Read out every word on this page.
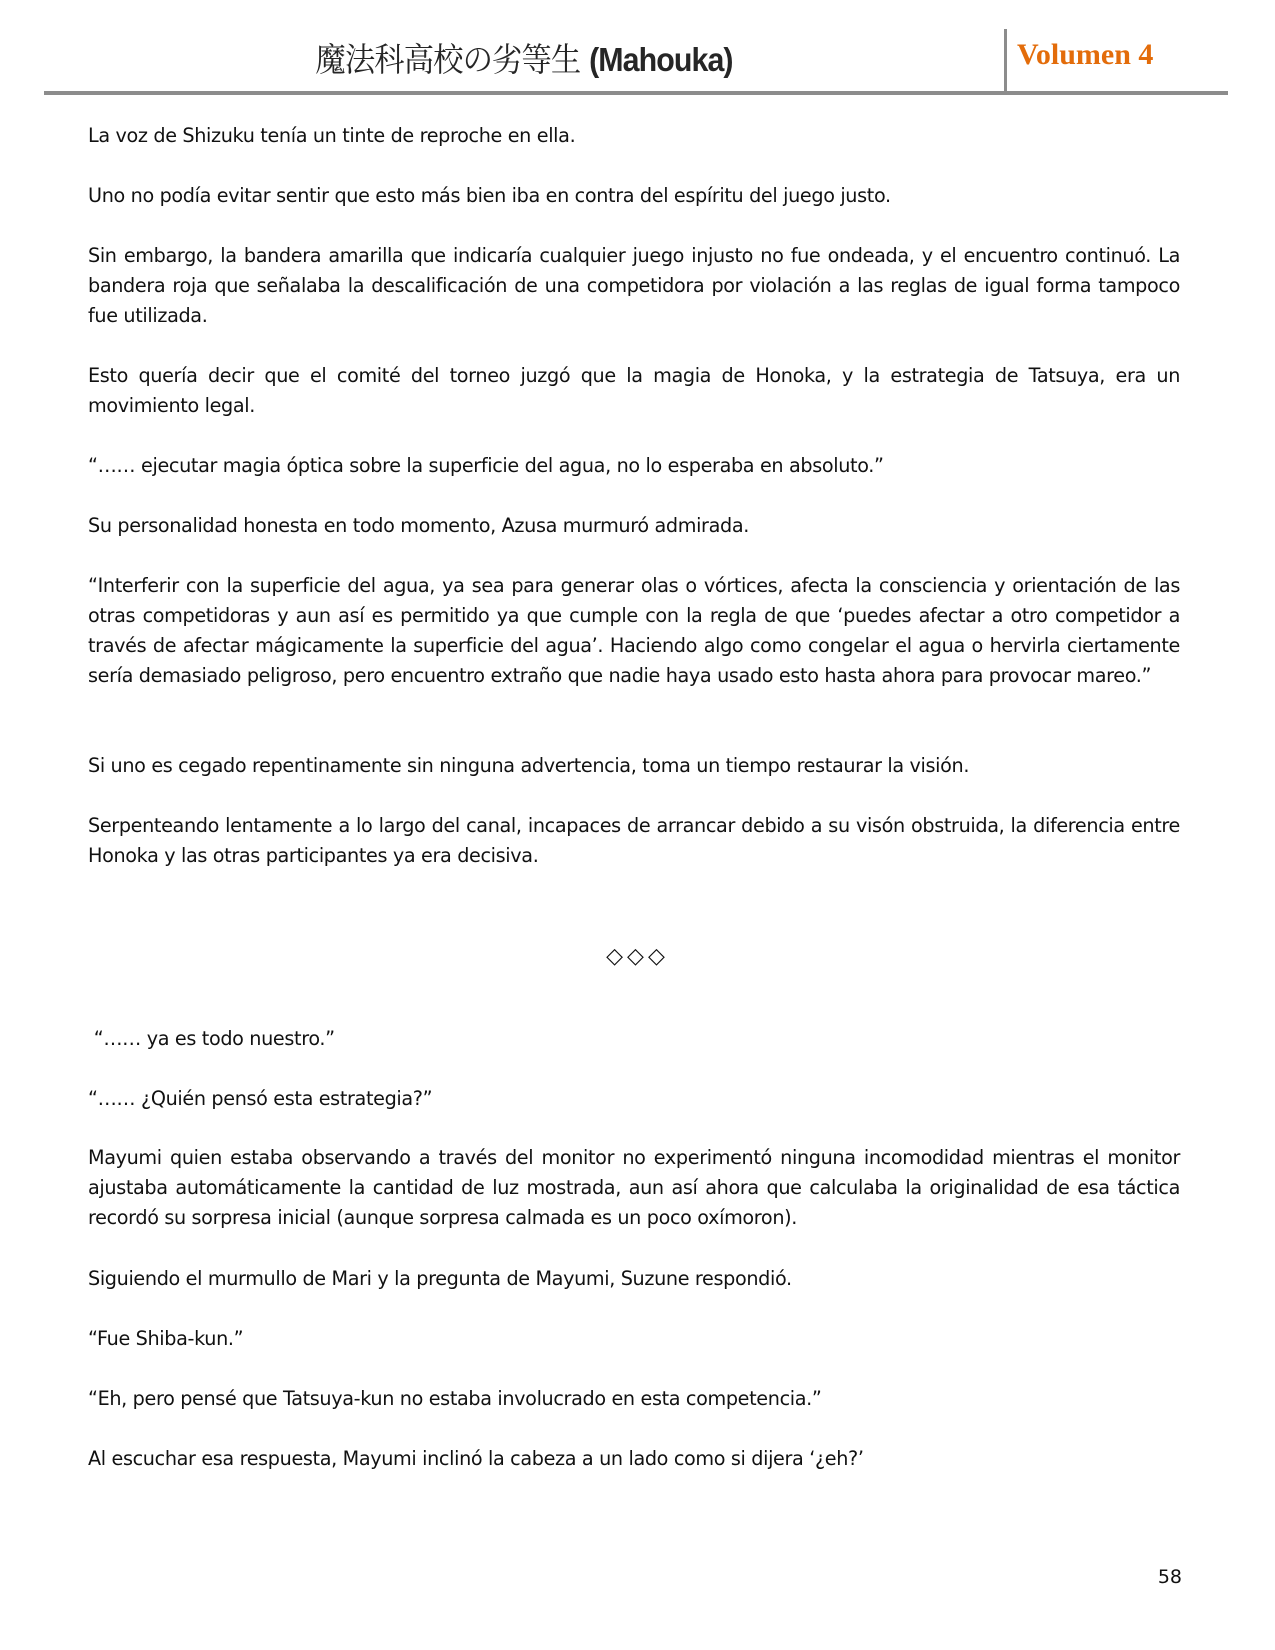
魔法科高校の劣等生 (Mahouka)	Volumen 4

La voz de Shizuku tenía un tinte de reproche en ella.

Uno no podía evitar sentir que esto más bien iba en contra del espíritu del juego justo.

Sin embargo, la bandera amarilla que indicaría cualquier juego injusto no fue ondeada, y el encuentro continuó. La bandera roja que señalaba la descalificación de una competidora por violación a las reglas de igual forma tampoco fue utilizada.

Esto quería decir que el comité del torneo juzgó que la magia de Honoka, y la estrategia de Tatsuya, era un movimiento legal.

“…… ejecutar magia óptica sobre la superficie del agua, no lo esperaba en absoluto.”

Su personalidad honesta en todo momento, Azusa murmuró admirada.

“Interferir con la superficie del agua, ya sea para generar olas o vórtices, afecta la consciencia y orientación de las otras competidoras y aun así es permitido ya que cumple con la regla de que ‘puedes afectar a otro competidor a través de afectar mágicamente la superficie del agua’. Haciendo algo como congelar el agua o hervirla ciertamente sería demasiado peligroso, pero encuentro extraño que nadie haya usado esto hasta ahora para provocar mareo.”

Si uno es cegado repentinamente sin ninguna advertencia, toma un tiempo restaurar la visión.

Serpenteando lentamente a lo largo del canal, incapaces de arrancar debido a su visón obstruida, la diferencia entre Honoka y las otras participantes ya era decisiva.

◇◇◇

“…… ya es todo nuestro.”

“…… ¿Quién pensó esta estrategia?”

Mayumi quien estaba observando a través del monitor no experimentó ninguna incomodidad mientras el monitor ajustaba automáticamente la cantidad de luz mostrada, aun así ahora que calculaba la originalidad de esa táctica recordó su sorpresa inicial (aunque sorpresa calmada es un poco oxímoron).

Siguiendo el murmullo de Mari y la pregunta de Mayumi, Suzune respondió.

“Fue Shiba-kun.”

“Eh, pero pensé que Tatsuya-kun no estaba involucrado en esta competencia.”

Al escuchar esa respuesta, Mayumi inclinó la cabeza a un lado como si dijera ‘¿eh?’

58
